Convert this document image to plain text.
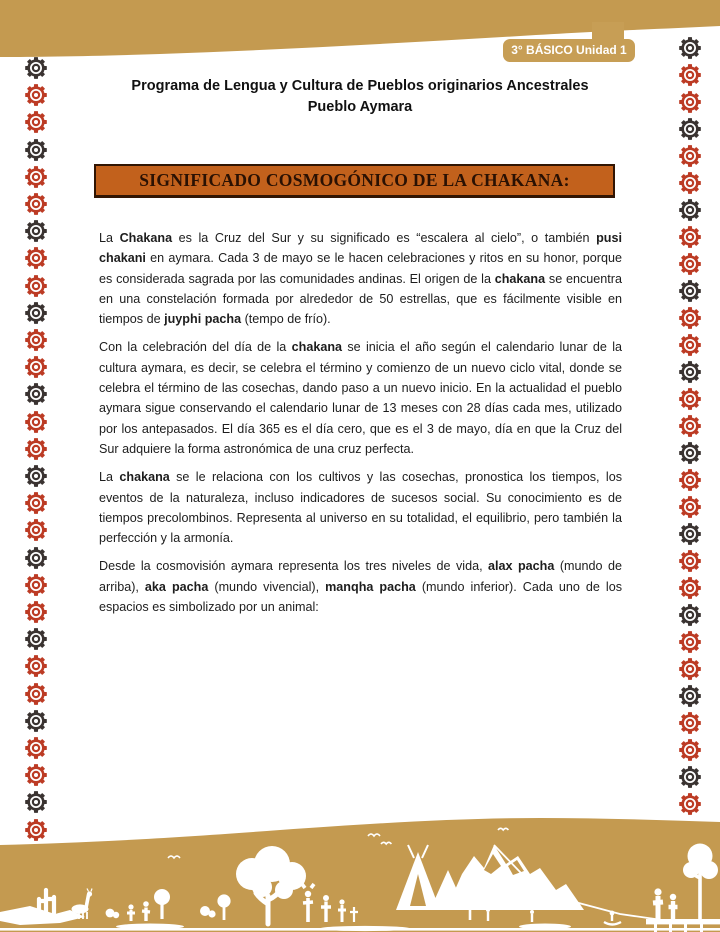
3° BÁSICO Unidad 1
Programa de Lengua y Cultura de Pueblos originarios Ancestrales
Pueblo Aymara
SIGNIFICADO COSMOGÓNICO DE LA CHAKANA:

La Chakana es la Cruz del Sur y su significado es “escalera al cielo”, o también pusi chakani en aymara. Cada 3 de mayo se le hacen celebraciones y ritos en su honor, porque es considerada sagrada por las comunidades andinas. El origen de la chakana se encuentra en una constelación formada por alrededor de 50 estrellas, que es fácilmente visible en tiempos de juyphi pacha (tempo de frío).

Con la celebración del día de la chakana se inicia el año según el calendario lunar de la cultura aymara, es decir, se celebra el término y comienzo de un nuevo ciclo vital, donde se celebra el término de las cosechas, dando paso a un nuevo inicio. En la actualidad el pueblo aymara sigue conservando el calendario lunar de 13 meses con 28 días cada mes, utilizado por los antepasados. El día 365 es el día cero, que es el 3 de mayo, día en que la Cruz del Sur adquiere la forma astronómica de una cruz perfecta.

La chakana se le relaciona con los cultivos y las cosechas, pronostica los tiempos, los eventos de la naturaleza, incluso indicadores de sucesos social. Su conocimiento es de tiempos precolombinos. Representa al universo en su totalidad, el equilibrio, pero también la perfección y la armonía.

Desde la cosmovisión aymara representa los tres niveles de vida, alax pacha (mundo de arriba), aka pacha (mundo vivencial), manqha pacha (mundo inferior). Cada uno de los espacios es simbolizado por un animal:
